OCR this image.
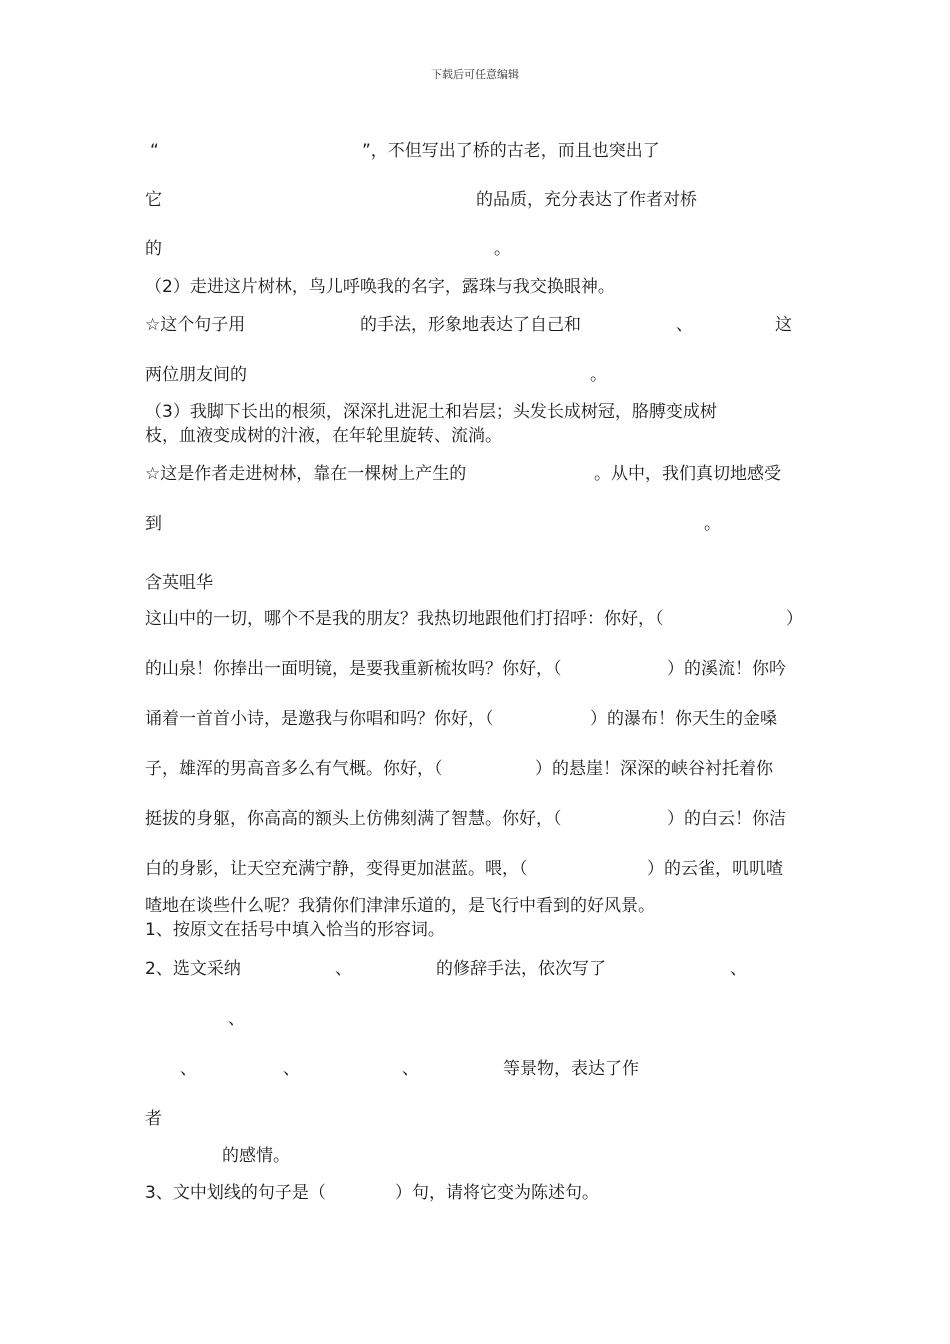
下载后可任意编辑
“	”，不但写出了桥的古老，而且也突出了
它	的品质，充分表达了作者对桥
的	。
（2）走进这片树林，鸟儿呼唤我的名字，露珠与我交换眼神。
☆这个句子用	的手法，形象地表达了自己和	、	这
两位朋友间的	。
（3）我脚下长出的根须，深深扎进泥土和岩层；头发长成树冠，胳膊变成树
枝，血液变成树的汁液，在年轮里旋转、流淌。
☆这是作者走进树林，靠在一棵树上产生的	。从中，我们真切地感受
到	。
含英咀华
这山中的一切，哪个不是我的朋友？我热切地跟他们打招呼：你好，（	）
的山泉！你捧出一面明镜，是要我重新梳妆吗？你好，（	）的溪流！你吟
诵着一首首小诗，是邀我与你唱和吗？你好，（	）的瀑布！你天生的金嗓
子，雄浑的男高音多么有气概。你好，（	）的悬崖！深深的峡谷衬托着你
挺拔的身躯，你高高的额头上仿佛刻满了智慧。你好，（	）的白云！你洁
白的身影，让天空充满宁静，变得更加湛蓝。喂，（	）的云雀，叽叽喳
喳地在谈些什么呢？我猜你们津津乐道的，是飞行中看到的好风景。
1、按原文在括号中填入恰当的形容词。
2、选文采纳	、	的修辞手法，依次写了	、
、
、	、	、	等景物，表达了作
者
的感情。
3、文中划线的句子是（	）句，请将它变为陈述句。
